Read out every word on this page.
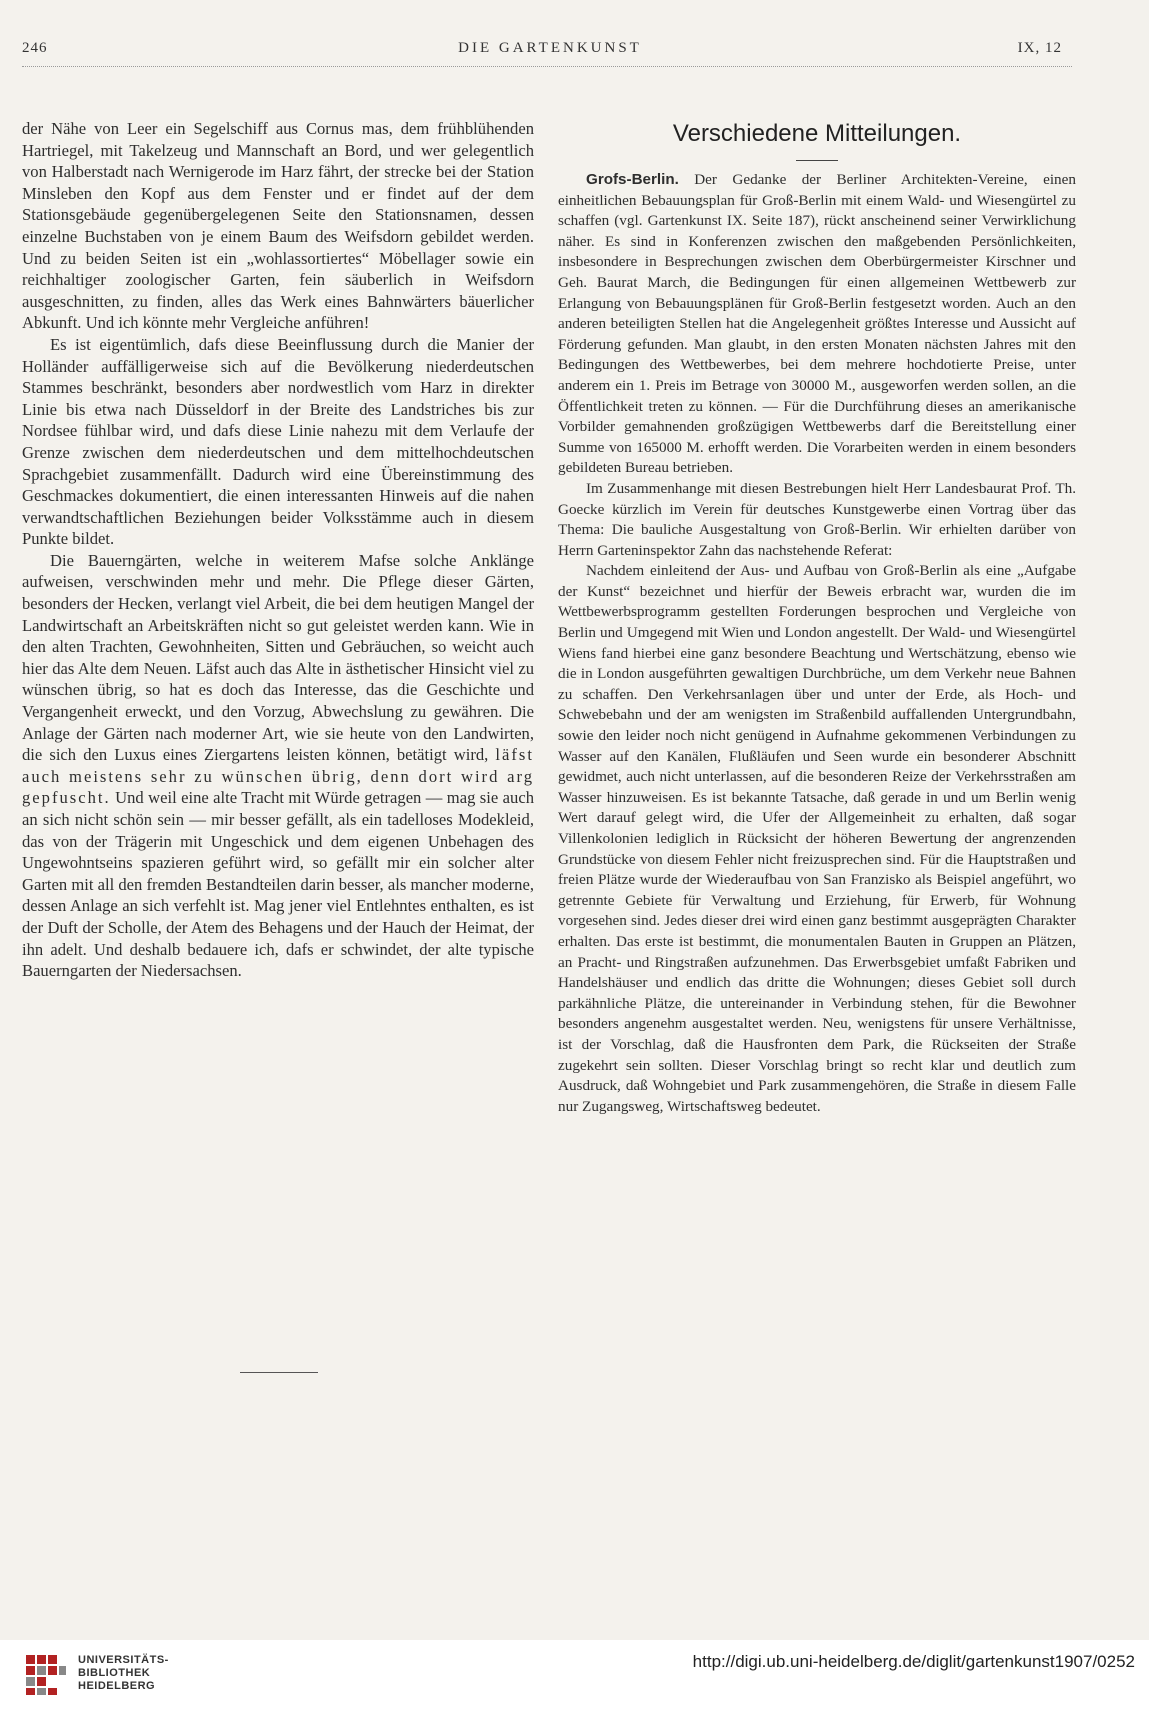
246	DIE GARTENKUNST	IX, 12

der Nähe von Leer ein Segelschiff aus Cornus mas, dem frühblühenden Hartriegel, mit Takelzeug und Mannschaft an Bord, und wer gelegentlich von Halberstadt nach Wernigerode im Harz fährt, der strecke bei der Station Minsleben den Kopf aus dem Fenster und er findet auf der dem Stationsgebäude gegenübergelegenen Seite den Stationsnamen, dessen einzelne Buchstaben von je einem Baum des Weifsdorn gebildet werden. Und zu beiden Seiten ist ein „wohlassortiertes“ Möbellager sowie ein reichhaltiger zoologischer Garten, fein säuberlich in Weifsdorn ausgeschnitten, zu finden, alles das Werk eines Bahnwärters bäuerlicher Abkunft. Und ich könnte mehr Vergleiche anführen!

Es ist eigentümlich, dafs diese Beeinflussung durch die Manier der Holländer auffälligerweise sich auf die Bevölkerung niederdeutschen Stammes beschränkt, besonders aber nordwestlich vom Harz in direkter Linie bis etwa nach Düsseldorf in der Breite des Landstriches bis zur Nordsee fühlbar wird, und dafs diese Linie nahezu mit dem Verlaufe der Grenze zwischen dem niederdeutschen und dem mittelhochdeutschen Sprachgebiet zusammenfällt. Dadurch wird eine Übereinstimmung des Geschmackes dokumentiert, die einen interessanten Hinweis auf die nahen verwandtschaftlichen Beziehungen beider Volksstämme auch in diesem Punkte bildet.

Die Bauerngärten, welche in weiterem Mafse solche Anklänge aufweisen, verschwinden mehr und mehr. Die Pflege dieser Gärten, besonders der Hecken, verlangt viel Arbeit, die bei dem heutigen Mangel der Landwirtschaft an Arbeitskräften nicht so gut geleistet werden kann. Wie in den alten Trachten, Gewohnheiten, Sitten und Gebräuchen, so weicht auch hier das Alte dem Neuen. Läfst auch das Alte in ästhetischer Hinsicht viel zu wünschen übrig, so hat es doch das Interesse, das die Geschichte und Vergangenheit erweckt, und den Vorzug, Abwechslung zu gewähren. Die Anlage der Gärten nach moderner Art, wie sie heute von den Landwirten, die sich den Luxus eines Ziergartens leisten können, betätigt wird, läfst auch meistens sehr zu wünschen übrig, denn dort wird arg gepfuscht. Und weil eine alte Tracht mit Würde getragen — mag sie auch an sich nicht schön sein — mir besser gefällt, als ein tadelloses Modekleid, das von der Trägerin mit Ungeschick und dem eigenen Unbehagen des Ungewohntseins spazieren geführt wird, so gefällt mir ein solcher alter Garten mit all den fremden Bestandteilen darin besser, als mancher moderne, dessen Anlage an sich verfehlt ist. Mag jener viel Entlehntes enthalten, es ist der Duft der Scholle, der Atem des Behagens und der Hauch der Heimat, der ihn adelt. Und deshalb bedauere ich, dafs er schwindet, der alte typische Bauerngarten der Niedersachsen.

Verschiedene Mitteilungen.

Grofs-Berlin. Der Gedanke der Berliner Architekten-Vereine, einen einheitlichen Bebauungsplan für Groß-Berlin mit einem Wald- und Wiesengürtel zu schaffen (vgl. Gartenkunst IX. Seite 187), rückt anscheinend seiner Verwirklichung näher. Es sind in Konferenzen zwischen den maßgebenden Persönlichkeiten, insbesondere in Besprechungen zwischen dem Oberbürgermeister Kirschner und Geh. Baurat March, die Bedingungen für einen allgemeinen Wettbewerb zur Erlangung von Bebauungsplänen für Groß-Berlin festgesetzt worden. Auch an den anderen beteiligten Stellen hat die Angelegenheit größtes Interesse und Aussicht auf Förderung gefunden. Man glaubt, in den ersten Monaten nächsten Jahres mit den Bedingungen des Wettbewerbes, bei dem mehrere hochdotierte Preise, unter anderem ein 1. Preis im Betrage von 30000 M., ausgeworfen werden sollen, an die Öffentlichkeit treten zu können. — Für die Durchführung dieses an amerikanische Vorbilder gemahnenden großzügigen Wettbewerbs darf die Bereitstellung einer Summe von 165000 M. erhofft werden. Die Vorarbeiten werden in einem besonders gebildeten Bureau betrieben.

Im Zusammenhange mit diesen Bestrebungen hielt Herr Landesbaurat Prof. Th. Goecke kürzlich im Verein für deutsches Kunstgewerbe einen Vortrag über das Thema: Die bauliche Ausgestaltung von Groß-Berlin. Wir erhielten darüber von Herrn Garteninspektor Zahn das nachstehende Referat:

Nachdem einleitend der Aus- und Aufbau von Groß-Berlin als eine „Aufgabe der Kunst“ bezeichnet und hierfür der Beweis erbracht war, wurden die im Wettbewerbsprogramm gestellten Forderungen besprochen und Vergleiche von Berlin und Umgegend mit Wien und London angestellt. Der Wald- und Wiesengürtel Wiens fand hierbei eine ganz besondere Beachtung und Wertschätzung, ebenso wie die in London ausgeführten gewaltigen Durchbrüche, um dem Verkehr neue Bahnen zu schaffen. Den Verkehrsanlagen über und unter der Erde, als Hoch- und Schwebebahn und der am wenigsten im Straßenbild auffallenden Untergrundbahn, sowie den leider noch nicht genügend in Aufnahme gekommenen Verbindungen zu Wasser auf den Kanälen, Flußläufen und Seen wurde ein besonderer Abschnitt gewidmet, auch nicht unterlassen, auf die besonderen Reize der Verkehrsstraßen am Wasser hinzuweisen. Es ist bekannte Tatsache, daß gerade in und um Berlin wenig Wert darauf gelegt wird, die Ufer der Allgemeinheit zu erhalten, daß sogar Villenkolonien lediglich in Rücksicht der höheren Bewertung der angrenzenden Grundstücke von diesem Fehler nicht freizusprechen sind. Für die Hauptstraßen und freien Plätze wurde der Wiederaufbau von San Franzisko als Beispiel angeführt, wo getrennte Gebiete für Verwaltung und Erziehung, für Erwerb, für Wohnung vorgesehen sind. Jedes dieser drei wird einen ganz bestimmt ausgeprägten Charakter erhalten. Das erste ist bestimmt, die monumentalen Bauten in Gruppen an Plätzen, an Pracht- und Ringstraßen aufzunehmen. Das Erwerbsgebiet umfaßt Fabriken und Handelshäuser und endlich das dritte die Wohnungen; dieses Gebiet soll durch parkähnliche Plätze, die untereinander in Verbindung stehen, für die Bewohner besonders angenehm ausgestaltet werden. Neu, wenigstens für unsere Verhältnisse, ist der Vorschlag, daß die Hausfronten dem Park, die Rückseiten der Straße zugekehrt sein sollten. Dieser Vorschlag bringt so recht klar und deutlich zum Ausdruck, daß Wohngebiet und Park zusammengehören, die Straße in diesem Falle nur Zugangsweg, Wirtschaftsweg bedeutet.

UNIVERSITÄTS-
BIBLIOTHEK
HEIDELBERG
http://digi.ub.uni-heidelberg.de/diglit/gartenkunst1907/0252
